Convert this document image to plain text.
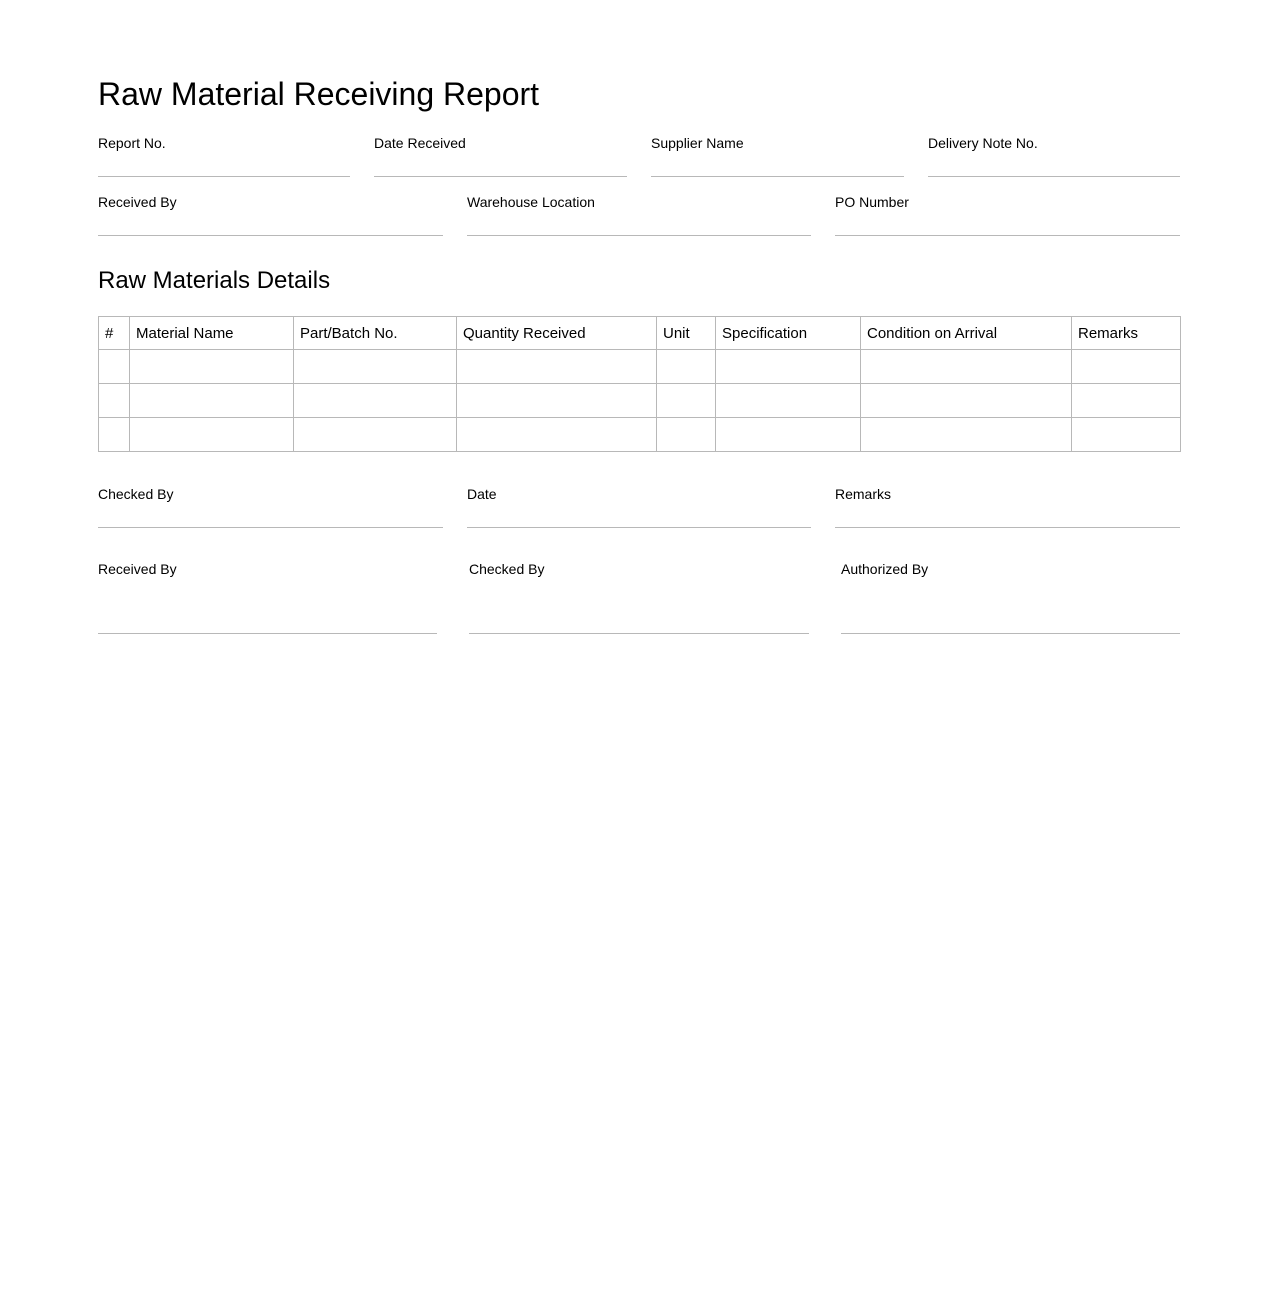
Raw Material Receiving Report
Report No.	Date Received	Supplier Name	Delivery Note No.
Received By	Warehouse Location	PO Number
Raw Materials Details
#	Material Name	Part/Batch No.	Quantity Received	Unit	Specification	Condition on Arrival	Remarks

Checked By	Date	Remarks
Received By	Checked By	Authorized By
